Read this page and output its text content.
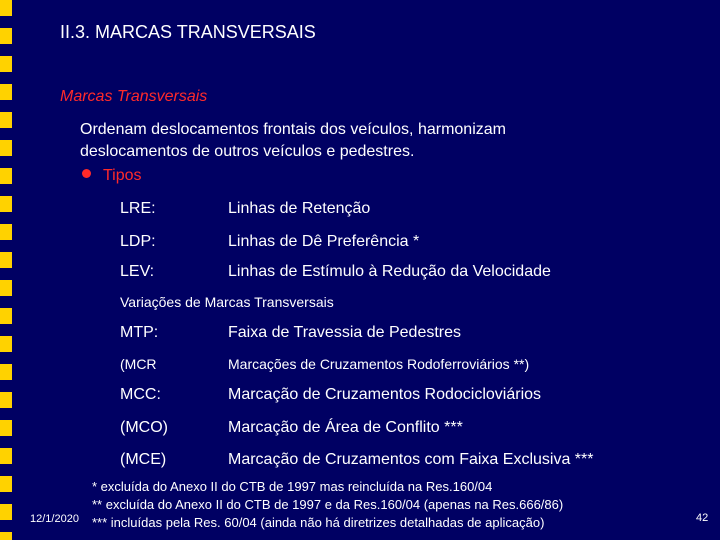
II.3. MARCAS TRANSVERSAIS
Marcas Transversais
Ordenam deslocamentos frontais dos veículos, harmonizam
deslocamentos de outros veículos e pedestres.
Tipos
LRE:	Linhas de Retenção
LDP:	Linhas de Dê Preferência *
LEV:	Linhas de Estímulo à Redução da Velocidade
Variações de Marcas Transversais
MTP:	Faixa de Travessia de Pedestres
(MCR	Marcações de Cruzamentos Rodoferroviários **)
MCC:	Marcação de Cruzamentos Rodocicloviários
(MCO)	Marcação de Área de Conflito ***
(MCE)	Marcação de Cruzamentos com Faixa Exclusiva ***
* excluída do Anexo II do CTB de 1997 mas reincluída na Res.160/04
** excluída do Anexo II do CTB de 1997 e da Res.160/04 (apenas na Res.666/86)
*** incluídas pela Res. 60/04 (ainda não há diretrizes detalhadas de aplicação)
12/1/2020	42
